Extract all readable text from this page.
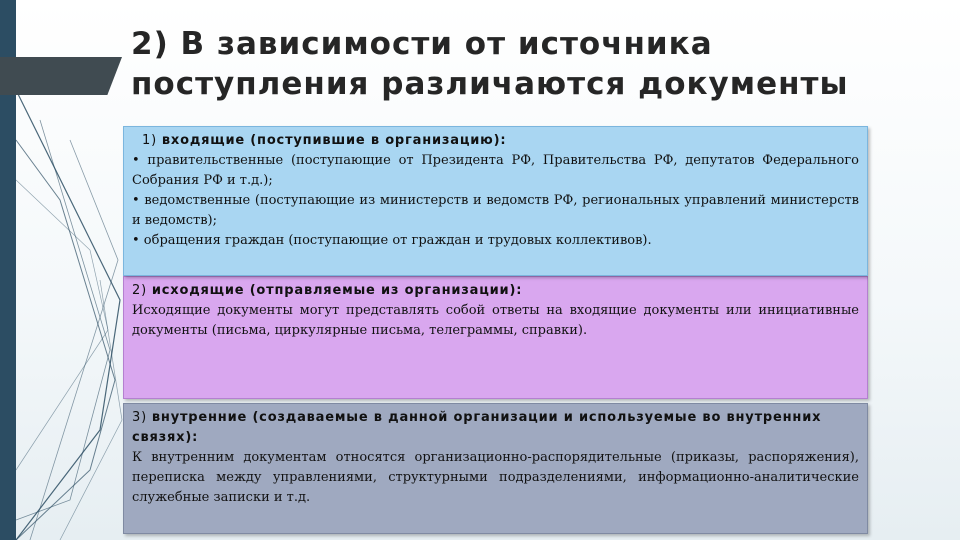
2) В зависимости от источника поступления различаются документы
1) входящие (поступившие в организацию):

• правительственные (поступающие от Президента РФ, Правительства РФ, депутатов Федерального Собрания РФ и т.д.);

• ведомственные (поступающие из министерств и ведомств РФ, региональных управлений министерств и ведомств);

• обращения граждан (поступающие от граждан и трудовых коллективов).

2) исходящие (отправляемые из организации):

Исходящие документы могут представлять собой ответы на входящие документы или инициативные документы (письма, циркулярные письма, телеграммы, справки).

3) внутренние (создаваемые в данной организации и используемые во внутренних связях):

К внутренним документам относятся организационно-распорядительные (приказы, распоряжения), переписка между управлениями, структурными подразделениями, информационно-аналитические служебные записки и т.д.
